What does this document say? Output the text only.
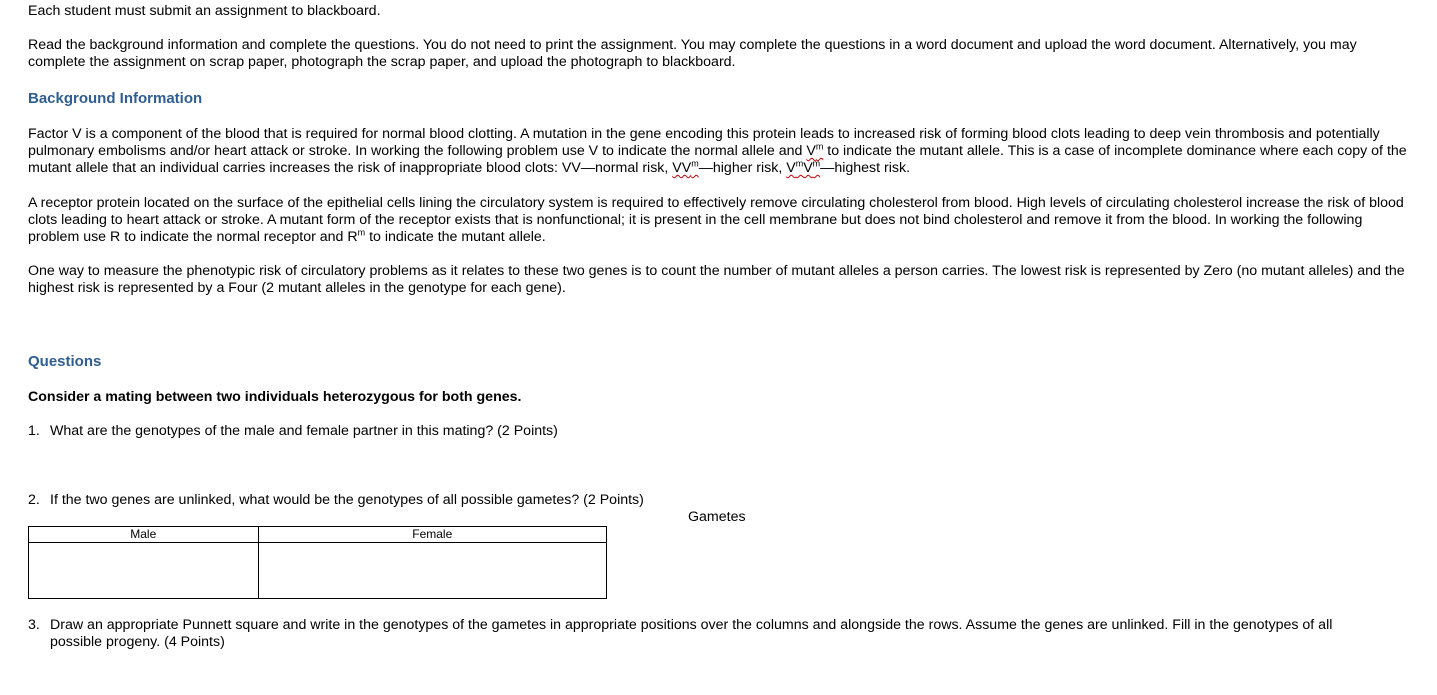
Each student must submit an assignment to blackboard.

Read the background information and complete the questions. You do not need to print the assignment. You may complete the questions in a word document and upload the word document. Alternatively, you may complete the assignment on scrap paper, photograph the scrap paper, and upload the photograph to blackboard.

Background Information

Factor V is a component of the blood that is required for normal blood clotting. A mutation in the gene encoding this protein leads to increased risk of forming blood clots leading to deep vein thrombosis and potentially pulmonary embolisms and/or heart attack or stroke. In working the following problem use V to indicate the normal allele and $V^m$ to indicate the mutant allele. This is a case of incomplete dominance where each copy of the mutant allele that an individual carries increases the risk of inappropriate blood clots: VV—normal risk, $VV^m—higher$ risk, $V^mV^m—highest$ risk.

A receptor protein located on the surface of the epithelial cells lining the circulatory system is required to effectively remove circulating cholesterol from blood. High levels of circulating cholesterol increase the risk of blood clots leading to heart attack or stroke. A mutant form of the receptor exists that is nonfunctional; it is present in the cell membrane but does not bind cholesterol and remove it from the blood. In working the following problem use R to indicate the normal receptor and $R^m$ to indicate the mutant allele.

One way to measure the phenotypic risk of circulatory problems as it relates to these two genes is to count the number of mutant alleles a person carries. The lowest risk is represented by Zero (no mutant alleles) and the highest risk is represented by a Four (2 mutant alleles in the genotype for each gene).

Questions

Consider a mating between two individuals heterozygous for both genes.

1. What are the genotypes of the male and female partner in this mating? (2 Points)
2. If the two genes are unlinked, what would be the genotypes of all possible gametes? (2 Points)
Gametes
Male	Female

3. Draw an appropriate Punnett square and write in the genotypes of the gametes in appropriate positions over the columns and alongside the rows. Assume the genes are unlinked. Fill in the genotypes of all possible progeny. (4 Points)
